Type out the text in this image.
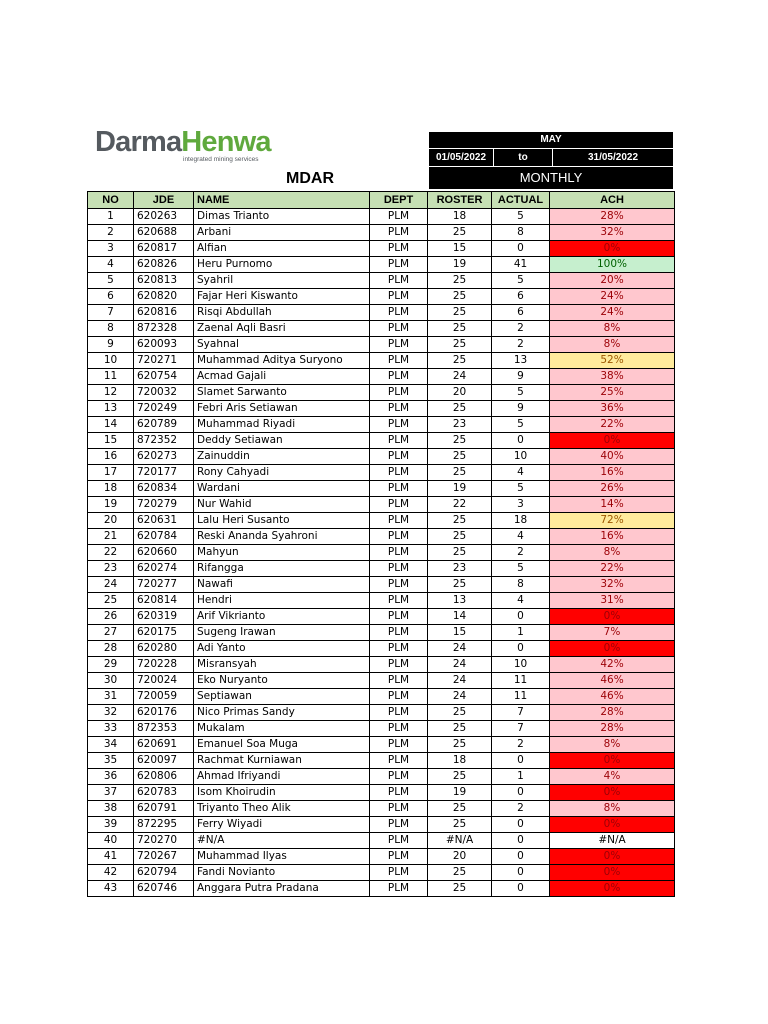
DarmaHenwa
integrated mining services
MDAR
MAY
01/05/2022	to	31/05/2022
MONTHLY
NO	JDE	NAME	DEPT	ROSTER	ACTUAL	ACH
1	620263	Dimas Trianto	PLM	18	5	28%
2	620688	Arbani	PLM	25	8	32%
3	620817	Alfian	PLM	15	0	0%
4	620826	Heru Purnomo	PLM	19	41	100%
5	620813	Syahril	PLM	25	5	20%
6	620820	Fajar Heri Kiswanto	PLM	25	6	24%
7	620816	Risqi Abdullah	PLM	25	6	24%
8	872328	Zaenal Aqli Basri	PLM	25	2	8%
9	620093	Syahnal	PLM	25	2	8%
10	720271	Muhammad Aditya Suryono	PLM	25	13	52%
11	620754	Acmad Gajali	PLM	24	9	38%
12	720032	Slamet Sarwanto	PLM	20	5	25%
13	720249	Febri Aris Setiawan	PLM	25	9	36%
14	620789	Muhammad Riyadi	PLM	23	5	22%
15	872352	Deddy Setiawan	PLM	25	0	0%
16	620273	Zainuddin	PLM	25	10	40%
17	720177	Rony Cahyadi	PLM	25	4	16%
18	620834	Wardani	PLM	19	5	26%
19	720279	Nur Wahid	PLM	22	3	14%
20	620631	Lalu Heri Susanto	PLM	25	18	72%
21	620784	Reski Ananda Syahroni	PLM	25	4	16%
22	620660	Mahyun	PLM	25	2	8%
23	620274	Rifangga	PLM	23	5	22%
24	720277	Nawafi	PLM	25	8	32%
25	620814	Hendri	PLM	13	4	31%
26	620319	Arif Vikrianto	PLM	14	0	0%
27	620175	Sugeng Irawan	PLM	15	1	7%
28	620280	Adi Yanto	PLM	24	0	0%
29	720228	Misransyah	PLM	24	10	42%
30	720024	Eko Nuryanto	PLM	24	11	46%
31	720059	Septiawan	PLM	24	11	46%
32	620176	Nico Primas Sandy	PLM	25	7	28%
33	872353	Mukalam	PLM	25	7	28%
34	620691	Emanuel Soa Muga	PLM	25	2	8%
35	620097	Rachmat Kurniawan	PLM	18	0	0%
36	620806	Ahmad Ifriyandi	PLM	25	1	4%
37	620783	Isom Khoirudin	PLM	19	0	0%
38	620791	Triyanto Theo Alik	PLM	25	2	8%
39	872295	Ferry Wiyadi	PLM	25	0	0%
40	720270	#N/A	PLM	#N/A	0	#N/A
41	720267	Muhammad Ilyas	PLM	20	0	0%
42	620794	Fandi Novianto	PLM	25	0	0%
43	620746	Anggara Putra Pradana	PLM	25	0	0%
